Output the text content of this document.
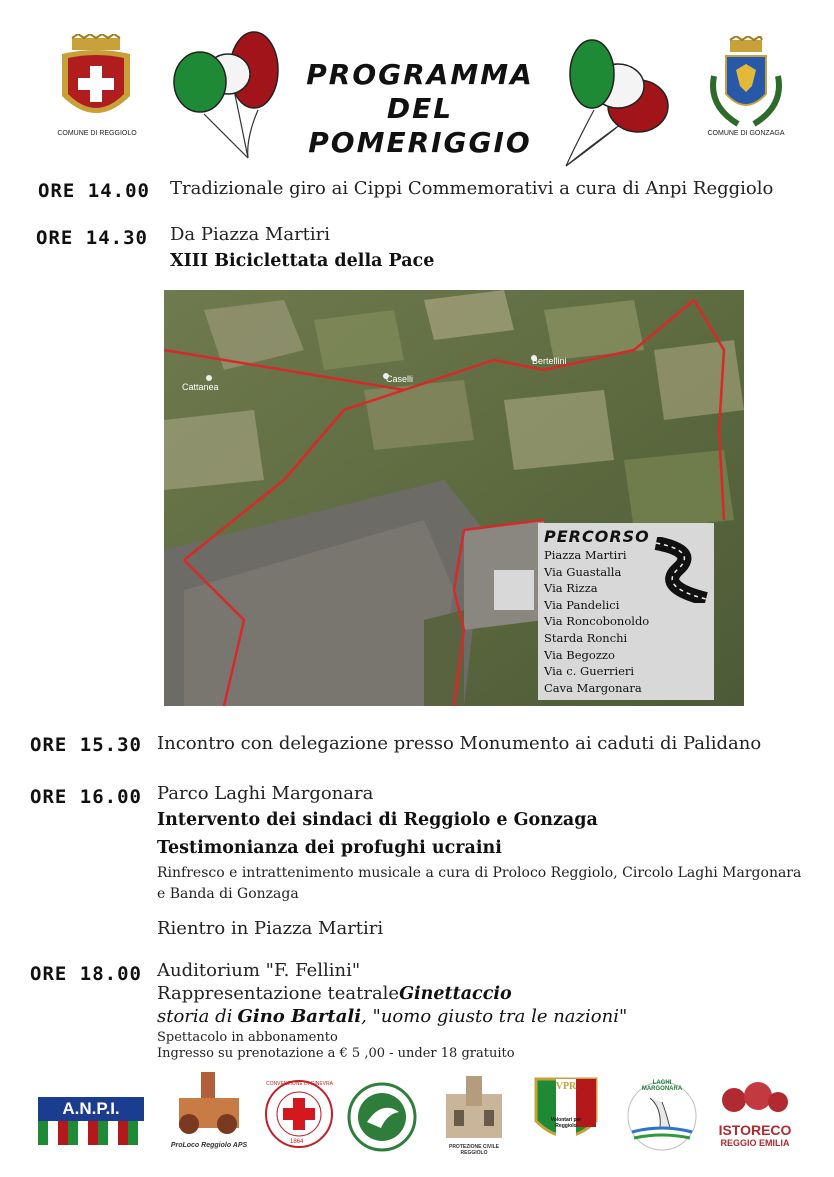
COMUNE DI REGGIOLO
PROGRAMMA
DEL POMERIGGIO	COMUNE DI GONZAGA
ORE 14.00 Tradizionale giro ai Cippi Commemorativi a cura di Anpi Reggiolo
ORE 14.30 Da Piazza Martiri
XIII Biciclettata della Pace
Cattanea
Caselli
Bertellini
PERCORSO
Piazza Martiri
Via Guastalla
Via Rizza
Via Pandelici
Via Roncobonoldo
Starda Ronchi
Via Begozzo
Via c. Guerrieri
Cava Margonara
ORE 15.30 Incontro con delegazione presso Monumento ai caduti di Palidano
ORE 16.00 Parco Laghi Margonara
Intervento dei sindaci di Reggiolo e Gonzaga
Testimonianza dei profughi ucraini
Rinfresco e intrattenimento musicale a cura di Proloco Reggiolo, Circolo Laghi Margonara
e Banda di Gonzaga
Rientro in Piazza Martiri
ORE 18.00 Auditorium "F. Fellini"
Rappresentazione teatraleGinettaccio
storia di Gino Bartali, "uomo giusto tra le nazioni"
Spettacolo in abbonamento
Ingresso su prenotazione a € 5 ,00 - under 18 gratuito
A.N.P.I.
ProLoco Reggiolo APS
CONVENZIONE DI GINEVRA
1864
PROTEZIONE CIVILE REGGIOLO
VPR
Volontari per Reggiolo
LAGHI MARGONARA
ISTORECO
REGGIO EMILIA
